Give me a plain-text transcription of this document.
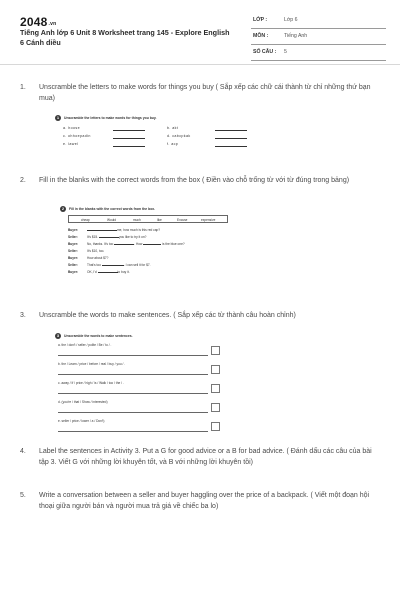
2048.vn
Tiếng Anh lớp 6 Unit 8 Worksheet trang 145 - Explore English 6 Cánh diều
LỚP :	Lớp 6
MÔN :	Tiếng Anh
SỐ CÂU : 5
1. Unscramble the letters to make words for things you buy ( Sắp xếp các chữ cái thành từ chỉ những thứ bạn mua)
1 Unscramble the letters to make words for things you buy.
a. hoose	b. akt
c. ohhoepadin	d. cabcpkak
e. lawel	f. acp
2. Fill in the blanks with the correct words from the box ( Điền vào chỗ trống từ với từ đúng trong bảng)
2 Fill in the blanks with the correct words from the box.
cheap	Would	much	like	Excuse	expensive
Buyer:	me, how much is this red cap?
Seller:	It's $15.	you like to try it on?
Buyer:	No, thanks. It's too	. How	is the blue one?
Seller:	It's $10, too.
Buyer:	How about $7?
Seller:	That's too	. I can sell it for $7.
Buyer:	OK, I'd	to buy it.
3. Unscramble the words to make sentences. ( Sắp xếp các từ thành câu hoàn chỉnh)
3 Unscramble the words to make sentences.
a. the / don't / seller / polite / Be / to / .
b. the / Learn / price / before / real / buy / you / .
c. away / If / price / high / is / Walk / too / the / .
d. (you're / that / Show / interested)
e. seller / price / lower / a / Don't)
4. Label the sentences in Activity 3. Put a G for good advice or a B for bad advice. ( Đánh dấu các câu của bài tập 3. Viết G với những lời khuyên tốt, và B với những lời khuyên tồi)
5. Write a conversation between a seller and buyer haggling over the price of a backpack. ( Viết một đoạn hội thoại giữa người bán và người mua trả giá về chiếc ba lo)
